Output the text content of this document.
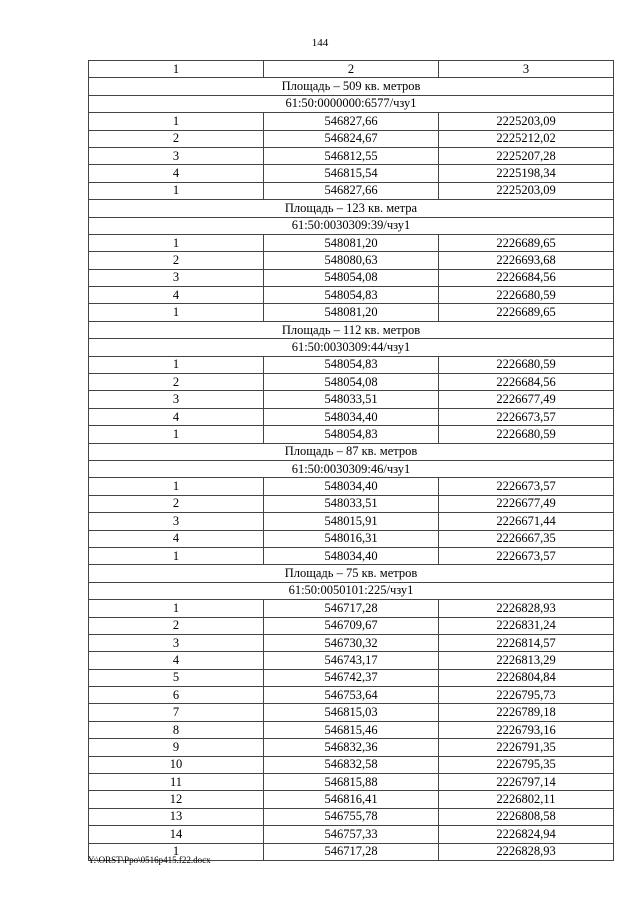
144
1	2	3
Площадь – 509 кв. метров		
61:50:0000000:6577/чзу1		
1	546827,66	2225203,09
2	546824,67	2225212,02
3	546812,55	2225207,28
4	546815,54	2225198,34
1	546827,66	2225203,09
Площадь – 123 кв. метра		
61:50:0030309:39/чзу1		
1	548081,20	2226689,65
2	548080,63	2226693,68
3	548054,08	2226684,56
4	548054,83	2226680,59
1	548081,20	2226689,65
Площадь – 112 кв. метров		
61:50:0030309:44/чзу1		
1	548054,83	2226680,59
2	548054,08	2226684,56
3	548033,51	2226677,49
4	548034,40	2226673,57
1	548054,83	2226680,59
Площадь – 87 кв. метров		
61:50:0030309:46/чзу1		
1	548034,40	2226673,57
2	548033,51	2226677,49
3	548015,91	2226671,44
4	548016,31	2226667,35
1	548034,40	2226673,57
Площадь – 75 кв. метров		
61:50:0050101:225/чзу1		
1	546717,28	2226828,93
2	546709,67	2226831,24
3	546730,32	2226814,57
4	546743,17	2226813,29
5	546742,37	2226804,84
6	546753,64	2226795,73
7	546815,03	2226789,18
8	546815,46	2226793,16
9	546832,36	2226791,35
10	546832,58	2226795,35
11	546815,88	2226797,14
12	546816,41	2226802,11
13	546755,78	2226808,58
14	546757,33	2226824,94
1	546717,28	2226828,93
Y:\ORST\Ppo\0516p415.f22.docx
